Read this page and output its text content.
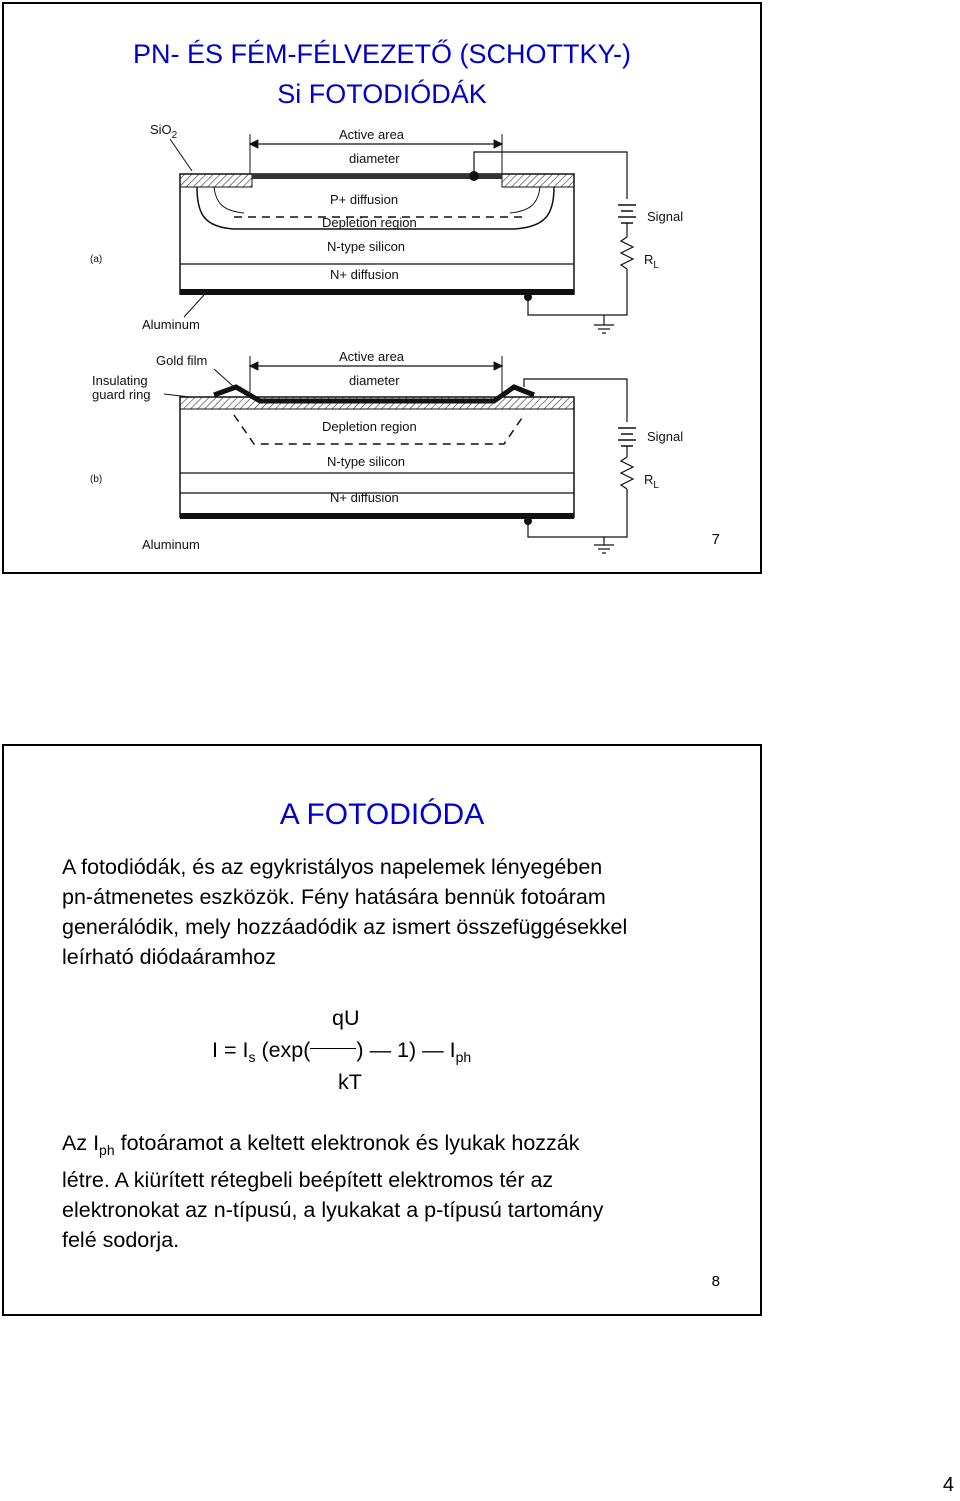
PN- ÉS FÉM-FÉLVEZETŐ (SCHOTTKY-)
Si FOTODIÓDÁK
SiO$_2$	Active area
diameter
P+ diffusion
Depletion region
N-type silicon
N+ diffusion
(a)
Signal
$R_L$
Aluminum
Active area
diameter
Gold film
Insulating
guard ring
Depletion region
N-type silicon
N+ diffusion
(b)
Signal
$R_L$
Aluminum	7
A FOTODIÓDA
A fotodiódák, és az egykristályos napelemek lényegében
pn-átmenetes eszközök. Fény hatására bennük fotoáram
generálódik, mely hozzáadódik az ismert összefüggésekkel
leírható diódaáramhoz
qU
$I = I_s$ (exp( ) — 1) — $I_{ph}$
kT
Az $I_{ph}$ fotoáramot a keltett elektronok és lyukak hozzák
létre. A kiürített rétegbeli beépített elektromos tér az
elektronokat az n-típusú, a lyukakat a p-típusú tartomány
felé sodorja.
8
4
